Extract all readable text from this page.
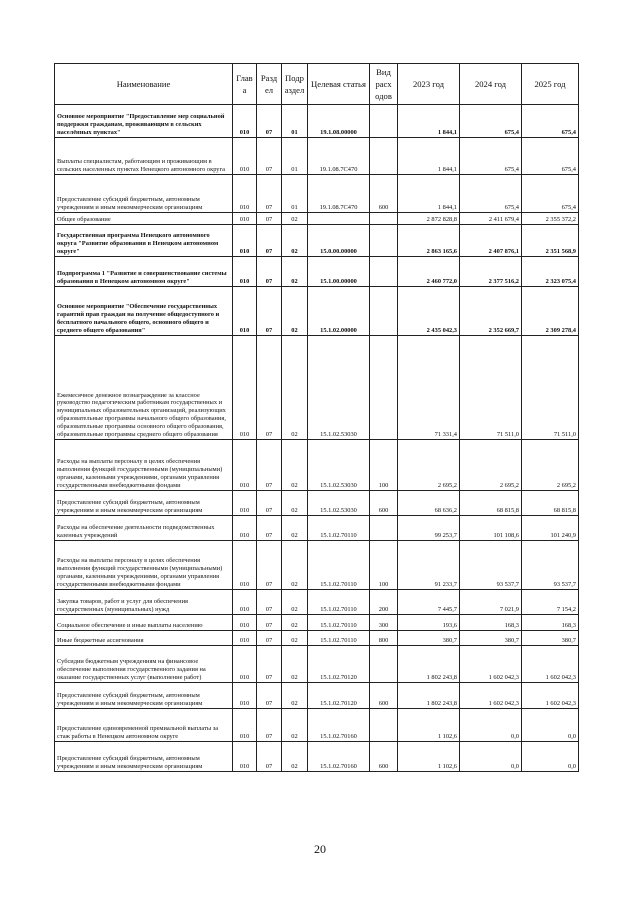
Наименование	Глав а	Разд ел	Подр аздел	Целевая статья	Вид расх одов	2023 год	2024 год	2025 год
Основное мероприятие "Предоставление мер социальной поддержки гражданам, проживающим в сельских населённых пунктах"	010	07	01	19.1.08.00000		1 844,1	675,4	675,4
Выплаты специалистам, работающим и проживающим в сельских населенных пунктах Ненецкого автономного округа	010	07	01	19.1.08.7С470		1 844,1	675,4	675,4
Предоставление субсидий бюджетным, автономным учреждениям и иным некоммерческим организациям	010	07	01	19.1.08.7С470	600	1 844,1	675,4	675,4
Общее образование	010	07	02			2 872 828,8	2 411 679,4	2 355 372,2
Государственная программа Ненецкого автономного округа "Развитие образования в Ненецком автономном округе"	010	07	02	15.0.00.00000		2 863 165,6	2 407 876,1	2 351 568,9
Подпрограмма 1 "Развитие и совершенствование системы образования в Ненецком автономном округе"	010	07	02	15.1.00.00000		2 460 772,0	2 377 516,2	2 323 075,4
Основное мероприятие "Обеспечение государственных гарантий прав граждан на получение общедоступного и бесплатного начального общего, основного общего и среднего общего образования"	010	07	02	15.1.02.00000		2 435 042,3	2 352 669,7	2 309 278,4
Ежемесячное денежное вознаграждение за классное руководство педагогическим работникам государственных и муниципальных образовательных организаций, реализующих образовательные программы начального общего образования, образовательные программы основного общего образования, образовательные программы среднего общего образования	010	07	02	15.1.02.53030		71 331,4	71 511,0	71 511,0
Расходы на выплаты персоналу в целях обеспечения выполнения функций государственными (муниципальными) органами, казенными учреждениями, органами управления государственными внебюджетными фондами	010	07	02	15.1.02.53030	100	2 695,2	2 695,2	2 695,2
Предоставление субсидий бюджетным, автономным учреждениям и иным некоммерческим организациям	010	07	02	15.1.02.53030	600	68 636,2	68 815,8	68 815,8
Расходы на обеспечение деятельности подведомственных казенных учреждений	010	07	02	15.1.02.70110		99 253,7	101 108,6	101 240,9
Расходы на выплаты персоналу в целях обеспечения выполнения функций государственными (муниципальными) органами, казенными учреждениями, органами управления государственными внебюджетными фондами	010	07	02	15.1.02.70110	100	91 233,7	93 537,7	93 537,7
Закупка товаров, работ и услуг для обеспечения государственных (муниципальных) нужд	010	07	02	15.1.02.70110	200	7 445,7	7 021,9	7 154,2
Социальное обеспечение и иные выплаты населению	010	07	02	15.1.02.70110	300	193,6	168,3	168,3
Иные бюджетные ассигнования	010	07	02	15.1.02.70110	800	380,7	380,7	380,7
Субсидии бюджетным учреждениям на финансовое обеспечение выполнения государственного задания на оказание государственных услуг (выполнение работ)	010	07	02	15.1.02.70120		1 802 243,8	1 602 042,3	1 602 042,3
Предоставление субсидий бюджетным, автономным учреждениям и иным некоммерческим организациям	010	07	02	15.1.02.70120	600	1 802 243,8	1 602 042,3	1 602 042,3
Предоставление единовременной премиальной выплаты за стаж работы в Ненецком автономном округе	010	07	02	15.1.02.70160		1 102,6	0,0	0,0
Предоставление субсидий бюджетным, автономным учреждениям и иным некоммерческим организациям	010	07	02	15.1.02.70160	600	1 102,6	0,0	0,0
20
